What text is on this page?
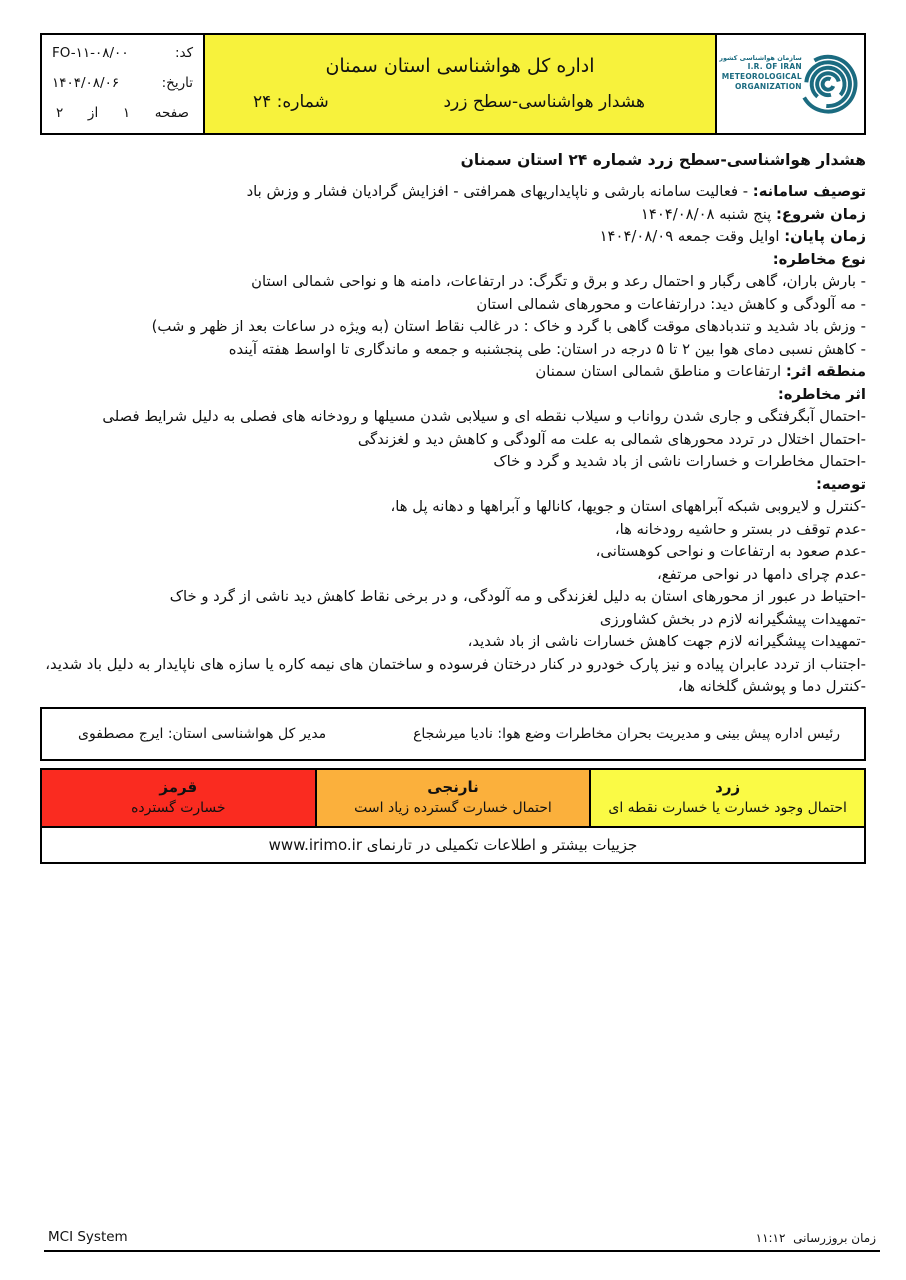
کد:
FO-۱۱-۰۸/۰۰
تاریخ:
۱۴۰۴/۰۸/۰۶
صفحه
۱
از
۲
اداره کل هواشناسی استان سمنان
هشدار هواشناسی-سطح زرد
شماره: ۲۴
سازمان هواشناسی کشور
I.R. OF IRAN
METEOROLOGICAL
ORGANIZATION
هشدار هواشناسی-سطح زرد شماره ۲۴ استان سمنان
توصیف سامانه: - فعالیت سامانه بارشی و ناپایداریهای همرافتی - افزایش گرادیان فشار و وزش باد
زمان شروع: پنج شنبه ۱۴۰۴/۰۸/۰۸
زمان پایان: اوایل وقت جمعه ۱۴۰۴/۰۸/۰۹
نوع مخاطره:
- بارش باران، گاهی رگبار و احتمال رعد و برق و تگرگ: در ارتفاعات، دامنه ها و نواحی شمالی استان
- مه آلودگی و کاهش دید: درارتفاعات و محورهای شمالی استان
- وزش باد شدید و تندبادهای موقت گاهی با گرد و خاک : در غالب نقاط استان (به ویژه در ساعات بعد از ظهر و شب)
- کاهش نسبی دمای هوا بین ۲ تا ۵ درجه در استان: طی پنجشنبه و جمعه و ماندگاری تا اواسط هفته آینده
منطقه اثر: ارتفاعات و مناطق شمالی استان سمنان
اثر مخاطره:
-احتمال آبگرفتگی و جاری شدن رواناب و سیلاب نقطه ای و سیلابی شدن مسیلها و رودخانه های فصلی به دلیل شرایط فصلی
-احتمال اختلال در تردد محورهای شمالی به علت مه آلودگی و کاهش دید و لغزندگی
-احتمال مخاطرات و خسارات ناشی از باد شدید و گرد و خاک
توصیه:
-کنترل و لایروبی شبکه آبراههای استان و جویها، کانالها و آبراهها و دهانه پل ها،
-عدم توقف در بستر و حاشیه رودخانه ها،
-عدم صعود به ارتفاعات و نواحی کوهستانی،
-عدم چرای دامها در نواحی مرتفع،
-احتیاط در عبور از محورهای استان به دلیل لغزندگی و مه آلودگی، و در برخی نقاط کاهش دید ناشی از گرد و خاک
-تمهیدات پیشگیرانه لازم در بخش کشاورزی
-تمهیدات پیشگیرانه لازم جهت کاهش خسارات ناشی از باد شدید،
-اجتناب از تردد عابران پیاده و نیز پارک خودرو در کنار درختان فرسوده و ساختمان های نیمه کاره یا سازه های ناپایدار به دلیل باد شدید،
-کنترل دما و پوشش گلخانه ها،
رئیس اداره پیش بینی و مدیریت بحران مخاطرات وضع هوا: نادیا میرشجاع
مدیر کل هواشناسی استان: ایرج مصطفوی
زرد
احتمال وجود خسارت یا خسارت نقطه ای
نارنجی
احتمال خسارت گسترده زیاد است
قرمز
خسارت گسترده
جزییات بیشتر و اطلاعات تکمیلی در تارنمای www.irimo.ir
MCI System	زمان بروزرسانی  ۱۱:۱۲
